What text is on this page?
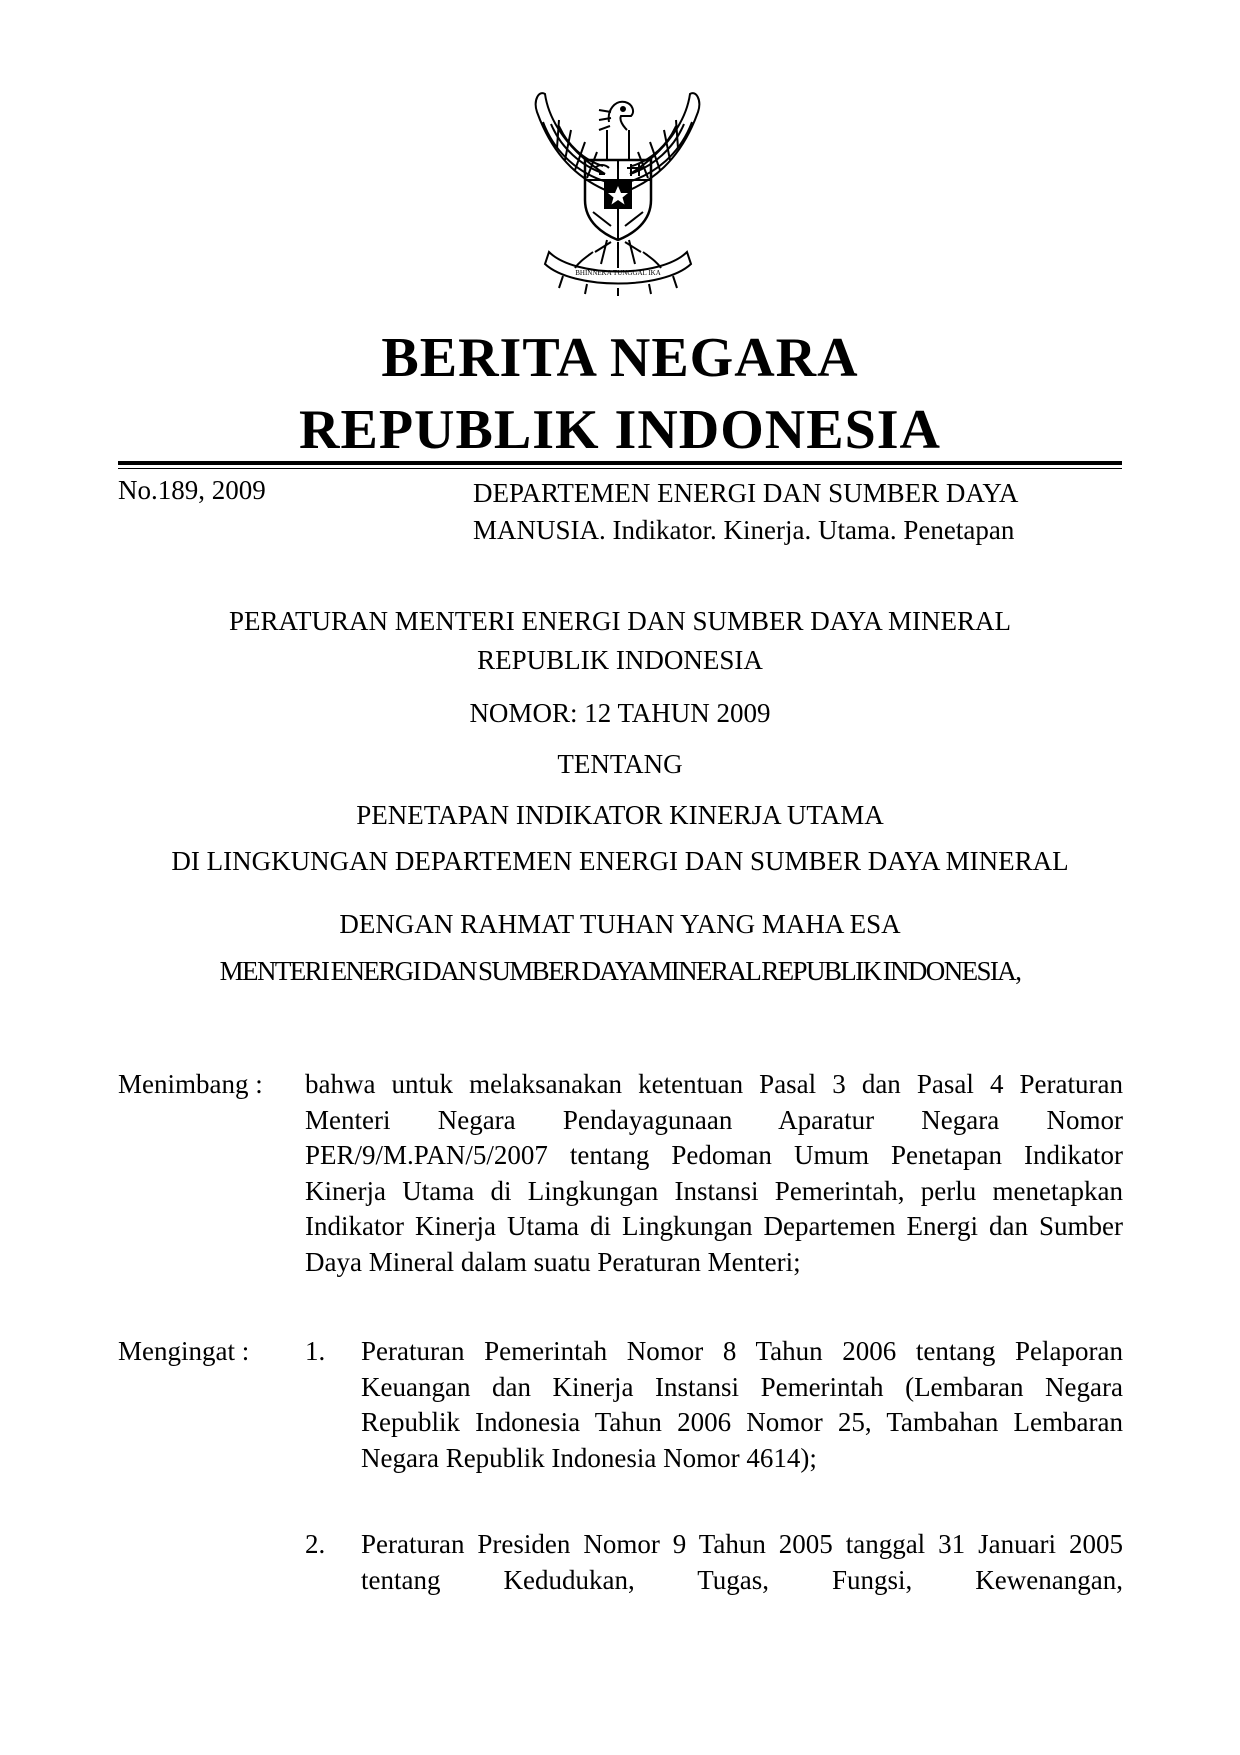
BHINNEKA TUNGGAL IKA
BERITA NEGARA
REPUBLIK INDONESIA
No.189, 2009	DEPARTEMEN ENERGI DAN SUMBER DAYA
MANUSIA. Indikator. Kinerja. Utama. Penetapan
PERATURAN MENTERI ENERGI DAN SUMBER DAYA MINERAL
REPUBLIK INDONESIA
NOMOR: 12 TAHUN 2009
TENTANG
PENETAPAN INDIKATOR KINERJA UTAMA
DI LINGKUNGAN DEPARTEMEN ENERGI DAN SUMBER DAYA MINERAL
DENGAN RAHMAT TUHAN YANG MAHA ESA
MENTERI ENERGI DAN SUMBER DAYA MINERAL REPUBLIK INDONESIA,
Menimbang : bahwa untuk melaksanakan ketentuan Pasal 3 dan Pasal 4 Peraturan Menteri Negara Pendayagunaan Aparatur Negara Nomor PER/9/M.PAN/5/2007 tentang Pedoman Umum Penetapan Indikator Kinerja Utama di Lingkungan Instansi Pemerintah, perlu menetapkan Indikator Kinerja Utama di Lingkungan Departemen Energi dan Sumber Daya Mineral dalam suatu Peraturan Menteri;
Mengingat : 1. Peraturan Pemerintah Nomor 8 Tahun 2006 tentang Pelaporan Keuangan dan Kinerja Instansi Pemerintah (Lembaran Negara Republik Indonesia Tahun 2006 Nomor 25, Tambahan Lembaran Negara Republik Indonesia Nomor 4614);
2. Peraturan Presiden Nomor 9 Tahun 2005 tanggal 31 Januari 2005 tentang Kedudukan, Tugas, Fungsi, Kewenangan,
